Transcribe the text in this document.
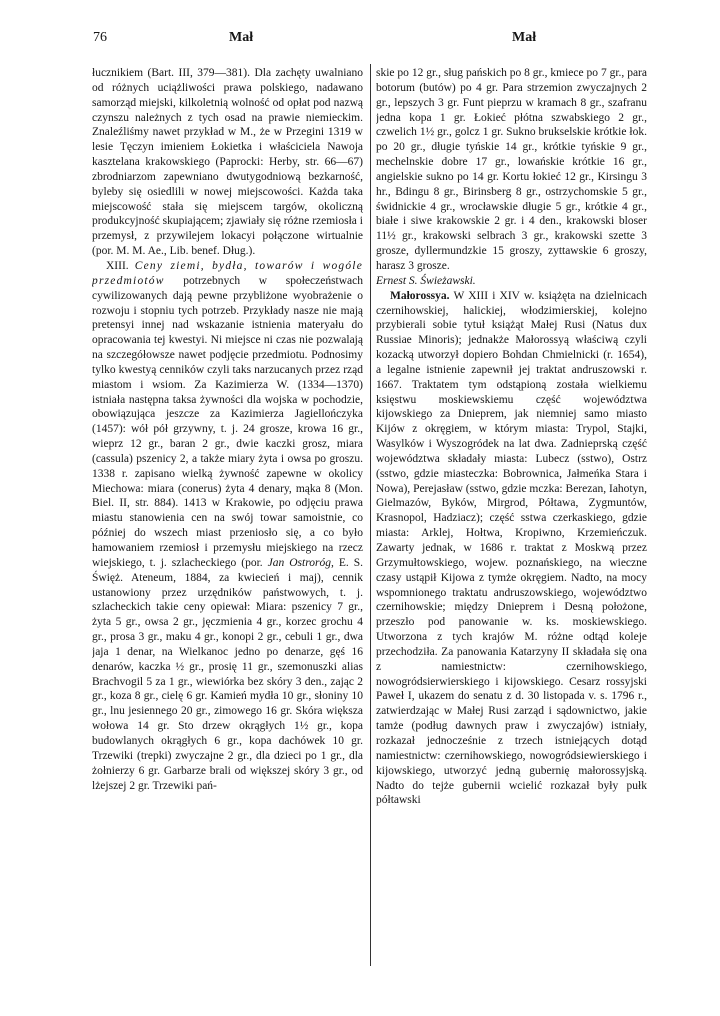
76	Mał	Mał

łucznikiem (Bart. III, 379—381). Dla zachęty uwalniano od różnych uciążliwości prawa polskiego, nadawano samorząd miejski, kilkoletnią wolność od opłat pod nazwą czynszu należnych z tych osad na prawie niemieckim. Znaleźliśmy nawet przykład w M., że w Przegini 1319 w lesie Tęczyn imieniem Łokietka i właściciela Nawoja kasztelana krakowskiego (Paprocki: Herby, str. 66—67) zbrodniarzom zapewniano dwutygodniową bezkarność, byleby się osiedlili w nowej miejscowości. Każda taka miejscowość stała się miejscem targów, okoliczną produkcyjność skupiającem; zjawiały się różne rzemiosła i przemysł, z przywilejem lokacyi połączone wirtualnie (por. M. M. Ae., Lib. benef. Dług.).

XIII. Ceny ziemi, bydła, towarów i wogóle przedmiotów potrzebnych w społeczeństwach cywilizowanych dają pewne przybliżone wyobrażenie o rozwoju i stopniu tych potrzeb. Przykłady nasze nie mają pretensyi innej nad wskazanie istnienia materyału do opracowania tej kwestyi. Ni miejsce ni czas nie pozwalają na szczegółowsze nawet podjęcie przedmiotu. Podnosimy tylko kwestyą cenników czyli taks narzucanych przez rząd miastom i wsiom. Za Kazimierza W. (1334—1370) istniała następna taksa żywności dla wojska w pochodzie, obowiązująca jeszcze za Kazimierza Jagiellończyka (1457): wół pół grzywny, t. j. 24 grosze, krowa 16 gr., wieprz 12 gr., baran 2 gr., dwie kaczki grosz, miara (cassula) pszenicy 2, a także miary żyta i owsa po groszu. 1338 r. zapisano wielką żywność zapewne w okolicy Miechowa: miara (conerus) żyta 4 denary, mąka 8 (Mon. Biel. II, str. 884). 1413 w Krakowie, po odjęciu prawa miastu stanowienia cen na swój towar samoistnie, co później do wszech miast przeniosło się, a co było hamowaniem rzemiosł i przemysłu miejskiego na rzecz wiejskiego, t. j. szlacheckiego (por. Jan Ostroróg, E. S. Święż. Ateneum, 1884, za kwiecień i maj), cennik ustanowiony przez urzędników państwowych, t. j. szlacheckich takie ceny opiewał: Miara: pszenicy 7 gr., żyta 5 gr., owsa 2 gr., jęczmienia 4 gr., korzec grochu 4 gr., prosa 3 gr., maku 4 gr., konopi 2 gr., cebuli 1 gr., dwa jaja 1 denar, na Wielkanoc jedno po denarze, gęś 16 denarów, kaczka ½ gr., prosię 11 gr., szemonuszki alias Brachvogil 5 za 1 gr., wiewiórka bez skóry 3 den., zając 2 gr., koza 8 gr., cielę 6 gr. Kamień mydła 10 gr., słoniny 10 gr., lnu jesiennego 20 gr., zimowego 16 gr. Skóra większa wołowa 14 gr. Sto drzew okrągłych 1½ gr., kopa budowlanych okrągłych 6 gr., kopa dachówek 10 gr. Trzewiki (trepki) zwyczajne 2 gr., dla dzieci po 1 gr., dla żołnierzy 6 gr. Garbarze brali od większej skóry 3 gr., od lżejszej 2 gr. Trzewiki pań-

skie po 12 gr., sług pańskich po 8 gr., kmiece po 7 gr., para botorum (butów) po 4 gr. Para strzemion zwyczajnych 2 gr., lepszych 3 gr. Funt pieprzu w kramach 8 gr., szafranu jedna kopa 1 gr. Łokieć płótna szwabskiego 2 gr., czwelich 1½ gr., golcz 1 gr. Sukno brukselskie krótkie łok. po 20 gr., długie tyńskie 14 gr., krótkie tyńskie 9 gr., mechelnskie dobre 17 gr., lowańskie krótkie 16 gr., angielskie sukno po 14 gr. Kortu łokieć 12 gr., Kirsingu 3 hr., Bdingu 8 gr., Birinsberg 8 gr., ostrzychomskie 5 gr., świdnickie 4 gr., wrocławskie długie 5 gr., krótkie 4 gr., białe i siwe krakowskie 2 gr. i 4 den., krakowski bloser 11½ gr., krakowski selbrach 3 gr., krakowski szette 3 grosze, dyllermundzkie 15 groszy, zyttawskie 6 groszy, harasz 3 grosze.

Ernest S. Świeżawski.

Małorossya. W XIII i XIV w. książęta na dzielnicach czernihowskiej, halickiej, włodzimierskiej, kolejno przybierali sobie tytuł książąt Małej Rusi (Natus dux Russiae Minoris); jednakże Małorossyą właściwą czyli kozacką utworzył dopiero Bohdan Chmielnicki (r. 1654), a legalne istnienie zapewnił jej traktat andruszowski r. 1667. Traktatem tym odstąpioną została wielkiemu księstwu moskiewskiemu część województwa kijowskiego za Dnieprem, jak niemniej samo miasto Kijów z okręgiem, w którym miasta: Trypol, Stajki, Wasylków i Wyszogródek na lat dwa. Zadnieprską część województwa składały miasta: Lubecz (sstwo), Ostrz (sstwo, gdzie miasteczka: Bobrownica, Jałmeńka Stara i Nowa), Perejasław (sstwo, gdzie mczka: Berezan, Iahotyn, Gielmazów, Byków, Mirgrod, Półtawa, Zygmuntów, Krasnopol, Hadziacz); część sstwa czerkaskiego, gdzie miasta: Arklej, Hołtwa, Kropiwno, Krzemieńczuk. Zawarty jednak, w 1686 r. traktat z Moskwą przez Grzymułtowskiego, wojew. poznańskiego, na wieczne czasy ustąpił Kijowa z tymże okręgiem. Nadto, na mocy wspomnionego traktatu andruszowskiego, województwo czernihowskie; między Dnieprem i Desną położone, przeszło pod panowanie w. ks. moskiewskiego. Utworzona z tych krajów M. różne odtąd koleje przechodziła. Za panowania Katarzyny II składała się ona z namiestnictw: czernihowskiego, nowogródsierwierskiego i kijowskiego. Cesarz rossyjski Paweł I, ukazem do senatu z d. 30 listopada v. s. 1796 r., zatwierdzając w Małej Rusi zarząd i sądownictwo, jakie tamże (podług dawnych praw i zwyczajów) istniały, rozkazał jednocześnie z trzech istniejących dotąd namiestnictw: czernihowskiego, nowogródsiewierskiego i kijowskiego, utworzyć jedną gubernię małorossyjską. Nadto do tejże gubernii wcielić rozkazał były pułk półtawski
